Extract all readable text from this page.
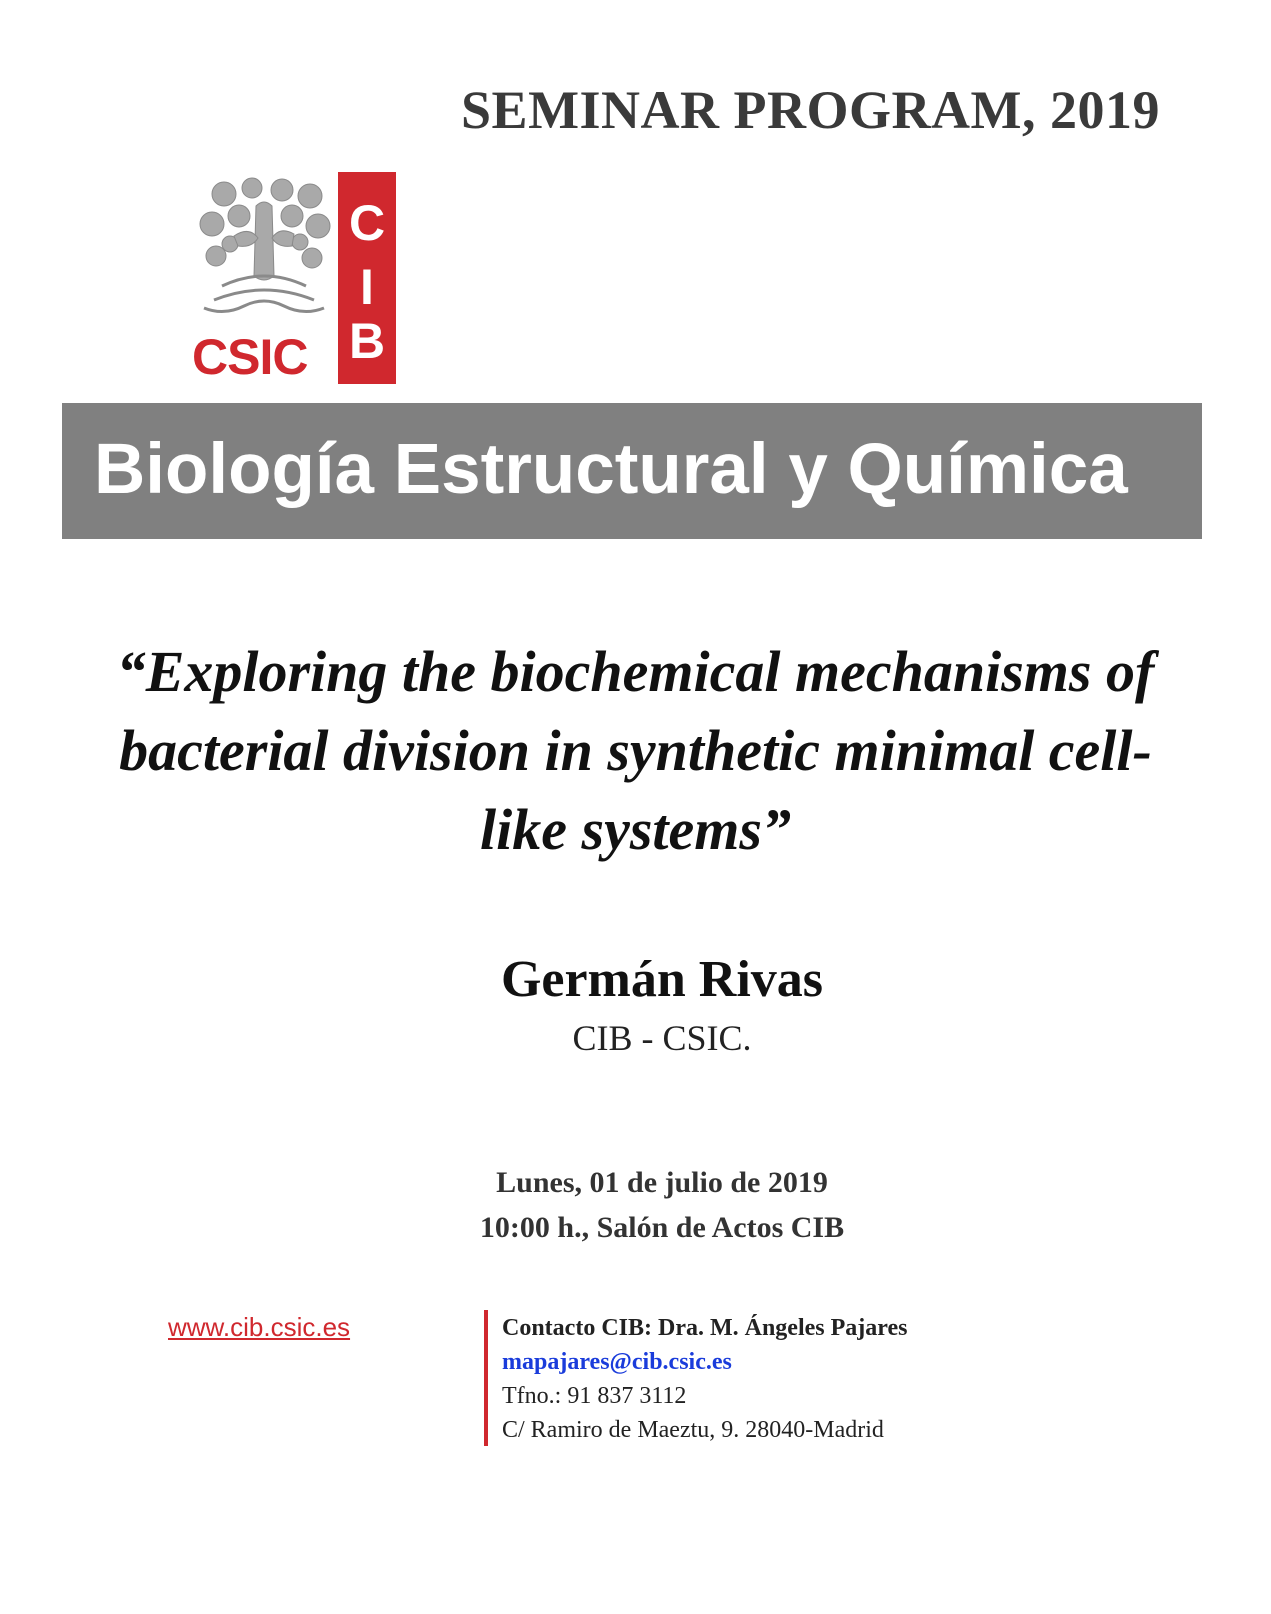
SEMINAR PROGRAM, 2019
CSIC
C
I
B
Biología Estructural y Química
“Exploring the biochemical mechanisms of
bacterial division in synthetic minimal cell-
like systems”
Germán Rivas
CIB - CSIC.
Lunes, 01 de julio de 2019
10:00 h., Salón de Actos CIB
www.cib.csic.es	Contacto CIB: Dra. M. Ángeles Pajares
mapajares@cib.csic.es
Tfno.: 91 837 3112
C/ Ramiro de Maeztu, 9. 28040-Madrid
